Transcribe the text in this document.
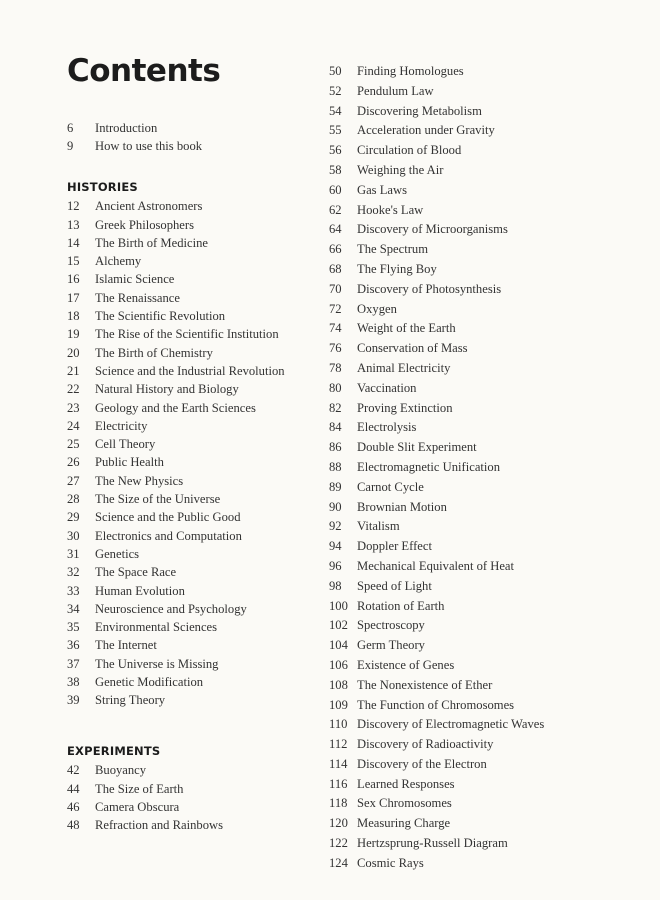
Contents
6	Introduction
9	How to use this book
HISTORIES
12	Ancient Astronomers
13	Greek Philosophers
14	The Birth of Medicine
15	Alchemy
16	Islamic Science
17	The Renaissance
18	The Scientific Revolution
19	The Rise of the Scientific Institution
20	The Birth of Chemistry
21	Science and the Industrial Revolution
22	Natural History and Biology
23	Geology and the Earth Sciences
24	Electricity
25	Cell Theory
26	Public Health
27	The New Physics
28	The Size of the Universe
29	Science and the Public Good
30	Electronics and Computation
31	Genetics
32	The Space Race
33	Human Evolution
34	Neuroscience and Psychology
35	Environmental Sciences
36	The Internet
37	The Universe is Missing
38	Genetic Modification
39	String Theory
EXPERIMENTS
42	Buoyancy
44	The Size of Earth
46	Camera Obscura
48	Refraction and Rainbows
50	Finding Homologues
52	Pendulum Law
54	Discovering Metabolism
55	Acceleration under Gravity
56	Circulation of Blood
58	Weighing the Air
60	Gas Laws
62	Hooke's Law
64	Discovery of Microorganisms
66	The Spectrum
68	The Flying Boy
70	Discovery of Photosynthesis
72	Oxygen
74	Weight of the Earth
76	Conservation of Mass
78	Animal Electricity
80	Vaccination
82	Proving Extinction
84	Electrolysis
86	Double Slit Experiment
88	Electromagnetic Unification
89	Carnot Cycle
90	Brownian Motion
92	Vitalism
94	Doppler Effect
96	Mechanical Equivalent of Heat
98	Speed of Light
100 Rotation of Earth
102 Spectroscopy
104 Germ Theory
106 Existence of Genes
108 The Nonexistence of Ether
109 The Function of Chromosomes
110 Discovery of Electromagnetic Waves
112 Discovery of Radioactivity
114 Discovery of the Electron
116 Learned Responses
118 Sex Chromosomes
120 Measuring Charge
122 Hertzsprung-Russell Diagram
124 Cosmic Rays
